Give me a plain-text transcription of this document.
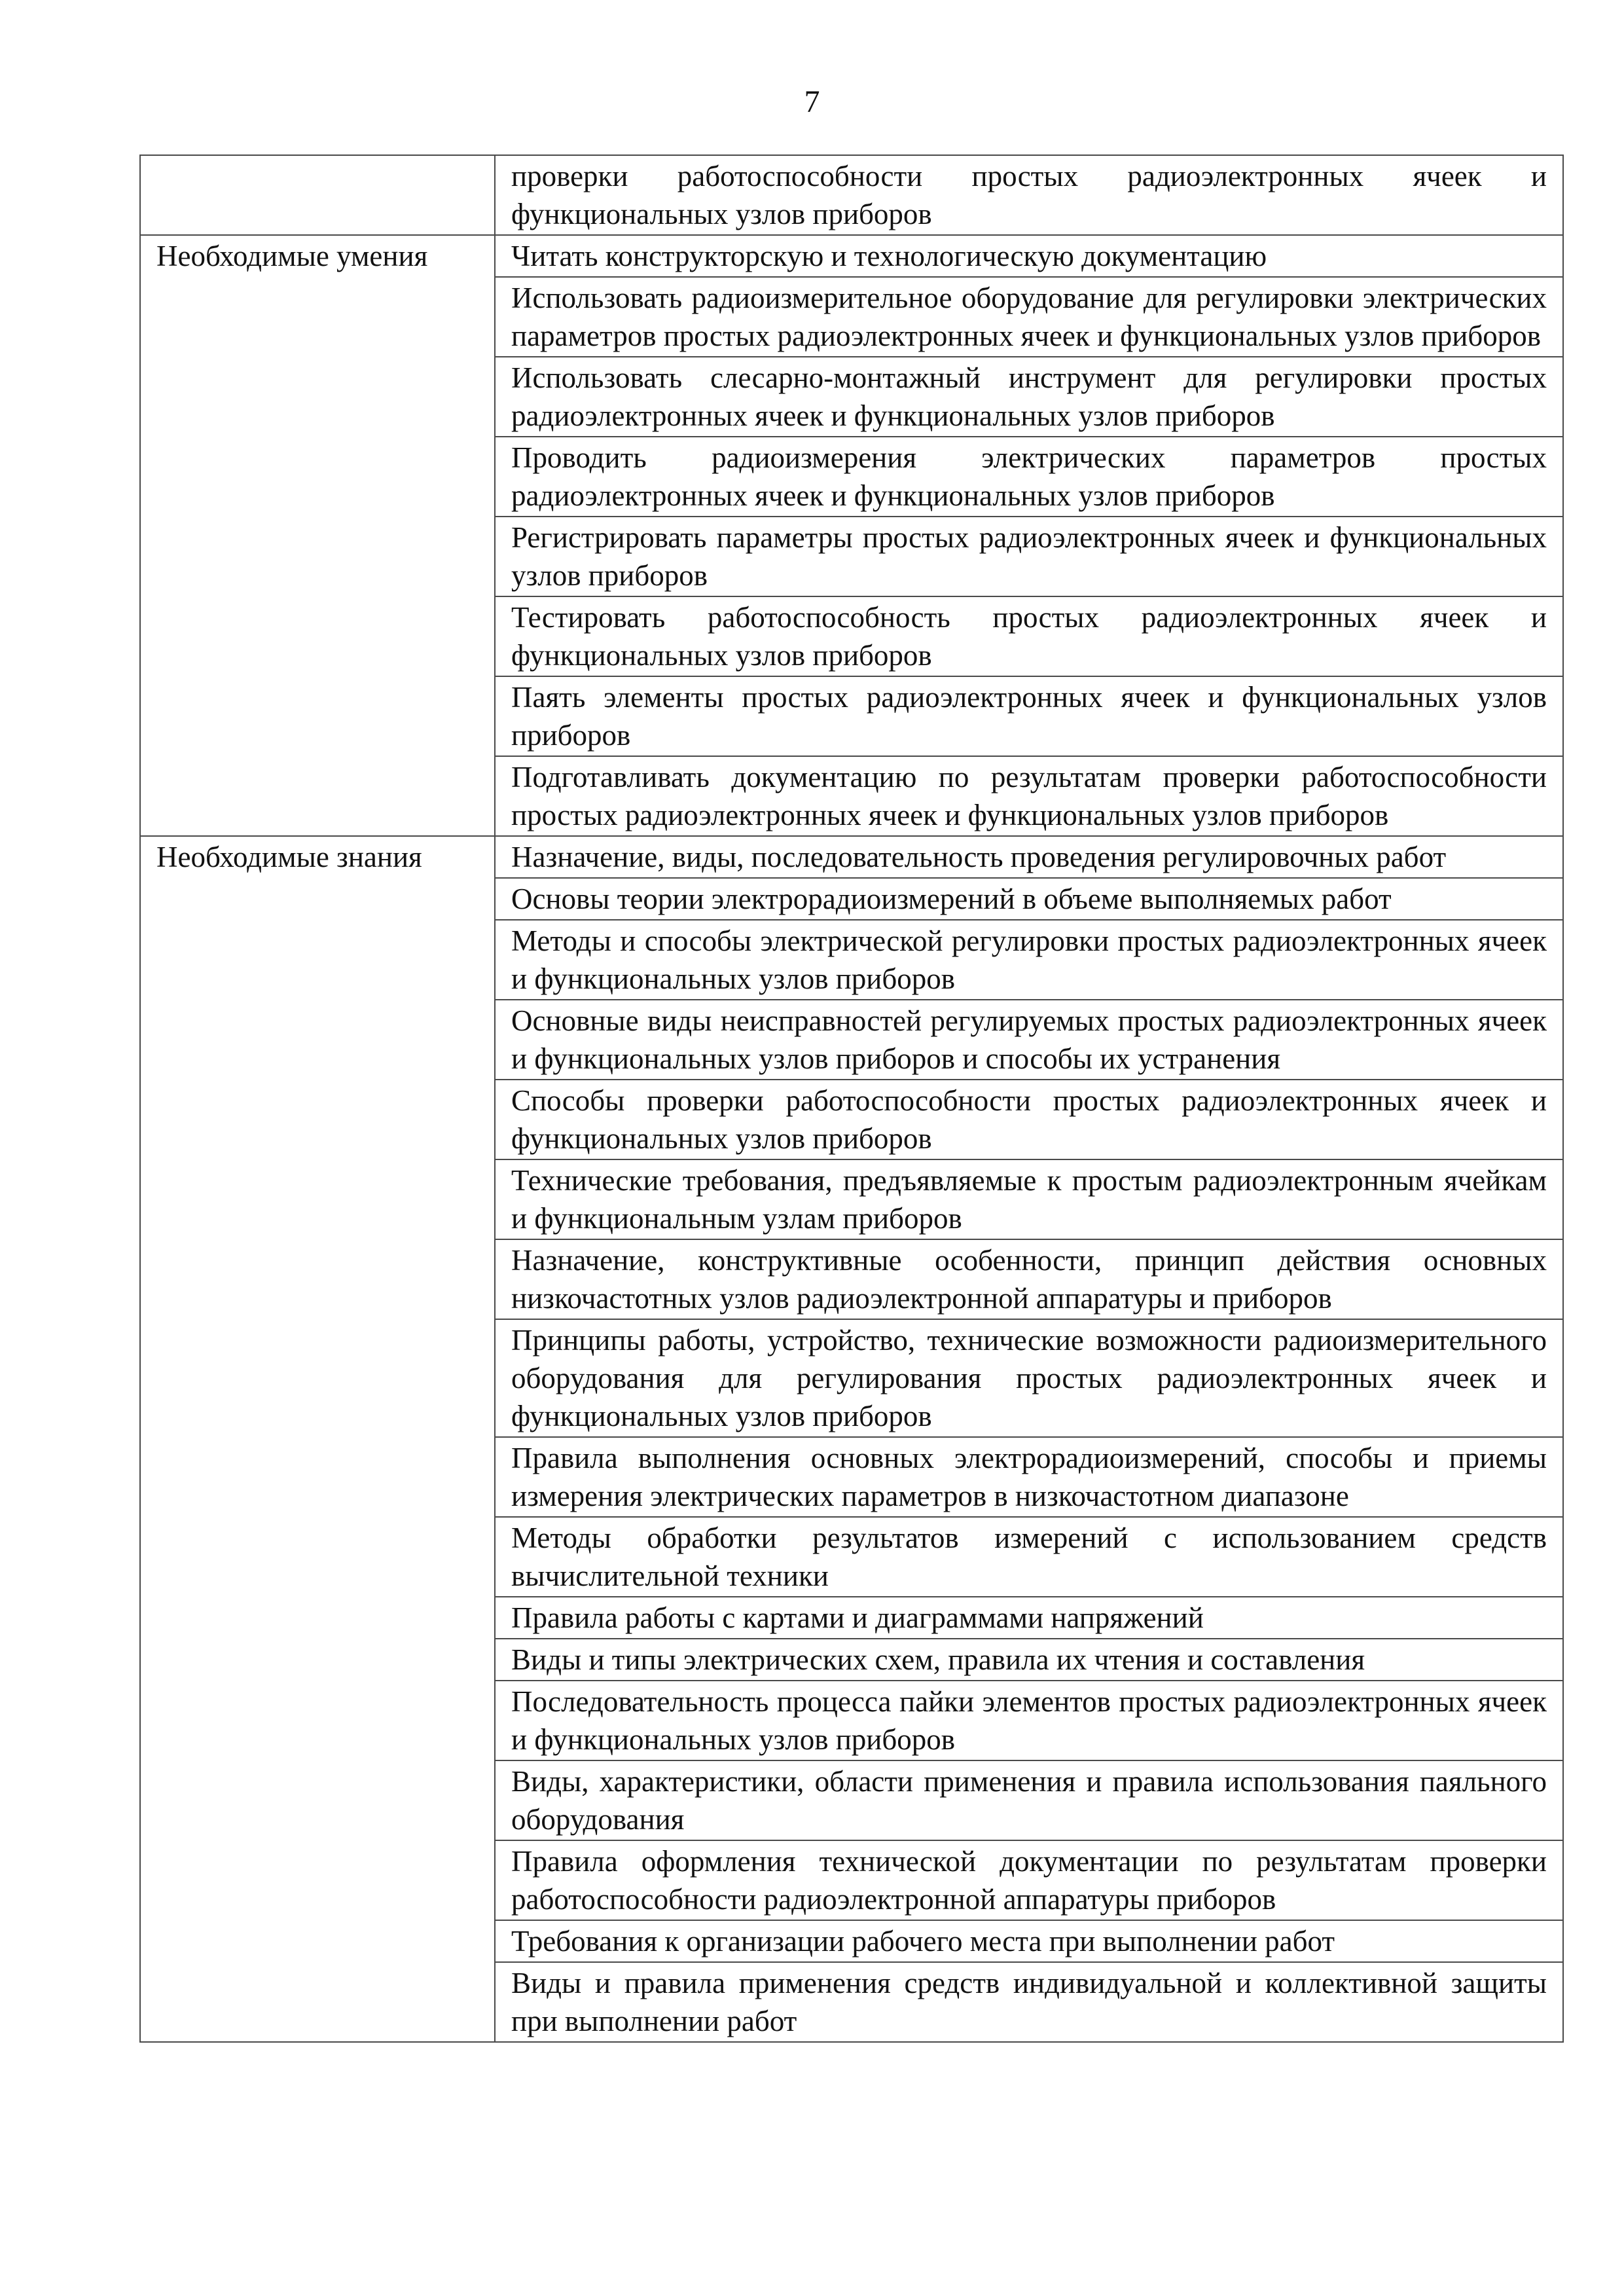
7
	проверки работоспособности простых радиоэлектронных ячеек и функциональных узлов приборов
Необходимые умения	Читать конструкторскую и технологическую документацию
	Использовать радиоизмерительное оборудование для регулировки электрических параметров простых радиоэлектронных ячеек и функциональных узлов приборов
	Использовать слесарно-монтажный инструмент для регулировки простых радиоэлектронных ячеек и функциональных узлов приборов
	Проводить радиоизмерения электрических параметров простых радиоэлектронных ячеек и функциональных узлов приборов
	Регистрировать параметры простых радиоэлектронных ячеек и функциональных узлов приборов
	Тестировать работоспособность простых радиоэлектронных ячеек и функциональных узлов приборов
	Паять элементы простых радиоэлектронных ячеек и функциональных узлов приборов
	Подготавливать документацию по результатам проверки работоспособности простых радиоэлектронных ячеек и функциональных узлов приборов
Необходимые знания	Назначение, виды, последовательность проведения регулировочных работ
	Основы теории электрорадиоизмерений в объеме выполняемых работ
	Методы и способы электрической регулировки простых радиоэлектронных ячеек и функциональных узлов приборов
	Основные виды неисправностей регулируемых простых радиоэлектронных ячеек и функциональных узлов приборов и способы их устранения
	Способы проверки работоспособности простых радиоэлектронных ячеек и функциональных узлов приборов
	Технические требования, предъявляемые к простым радиоэлектронным ячейкам и функциональным узлам приборов
	Назначение, конструктивные особенности, принцип действия основных низкочастотных узлов радиоэлектронной аппаратуры и приборов
	Принципы работы, устройство, технические возможности радиоизмерительного оборудования для регулирования простых радиоэлектронных ячеек и функциональных узлов приборов
	Правила выполнения основных электрорадиоизмерений, способы и приемы измерения электрических параметров в низкочастотном диапазоне
	Методы обработки результатов измерений с использованием средств вычислительной техники
	Правила работы с картами и диаграммами напряжений
	Виды и типы электрических схем, правила их чтения и составления
	Последовательность процесса пайки элементов простых радиоэлектронных ячеек и функциональных узлов приборов
	Виды, характеристики, области применения и правила использования паяльного оборудования
	Правила оформления технической документации по результатам проверки работоспособности радиоэлектронной аппаратуры приборов
	Требования к организации рабочего места при выполнении работ
	Виды и правила применения средств индивидуальной и коллективной защиты при выполнении работ
